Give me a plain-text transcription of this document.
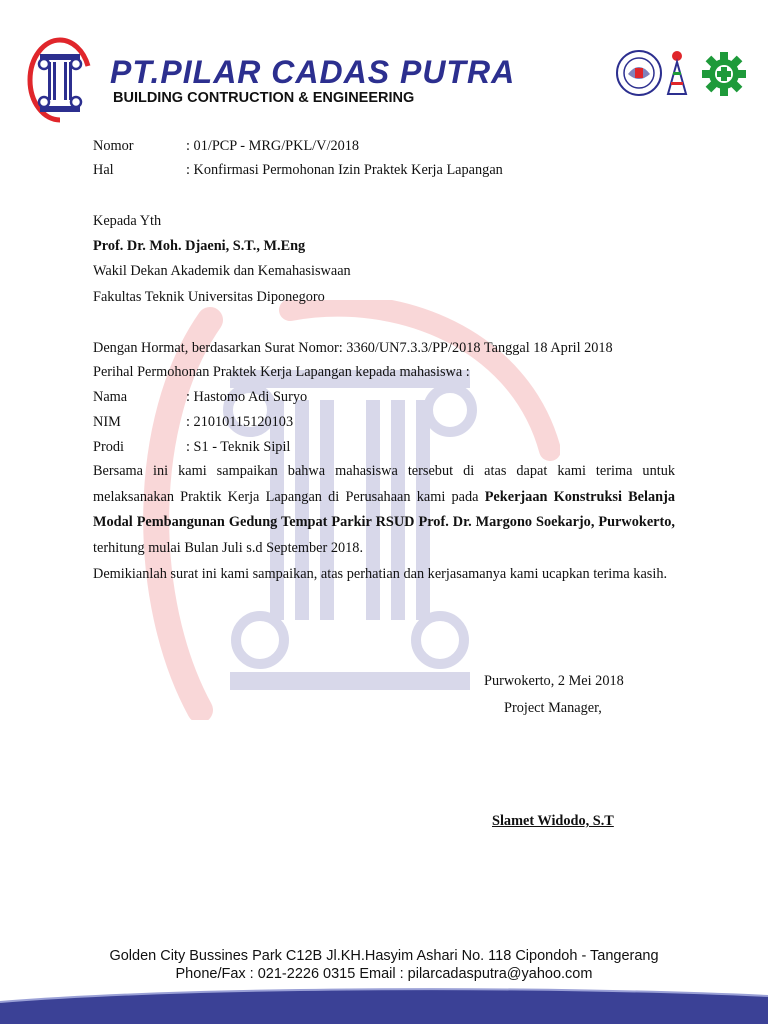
PT.PILAR CADAS PUTRA
BUILDING CONTRUCTION & ENGINEERING
Nomor	: 01/PCP - MRG/PKL/V/2018
Hal	: Konfirmasi Permohonan Izin Praktek Kerja Lapangan
Kepada Yth
Prof. Dr. Moh. Djaeni, S.T., M.Eng
Wakil Dekan Akademik dan Kemahasiswaan
Fakultas Teknik Universitas Diponegoro
Dengan Hormat, berdasarkan Surat Nomor: 3360/UN7.3.3/PP/2018 Tanggal 18 April 2018
Perihal Permohonan Praktek Kerja Lapangan kepada mahasiswa :
Nama	: Hastomo Adi Suryo
NIM	: 21010115120103
Prodi	: S1 - Teknik Sipil
Bersama ini kami sampaikan bahwa mahasiswa tersebut di atas dapat kami terima untuk melaksanakan Praktik Kerja Lapangan di Perusahaan kami pada Pekerjaan Konstruksi Belanja Modal Pembangunan Gedung Tempat Parkir RSUD Prof. Dr. Margono Soekarjo, Purwokerto, terhitung mulai Bulan Juli s.d September 2018.
Demikianlah surat ini kami sampaikan, atas perhatian dan kerjasamanya kami ucapkan terima kasih.
Purwokerto, 2 Mei 2018
Project Manager,
Slamet Widodo, S.T
Golden City Bussines Park C12B Jl.KH.Hasyim Ashari No. 118 Cipondoh - Tangerang
Phone/Fax : 021-2226 0315 Email : pilarcadasputra@yahoo.com
